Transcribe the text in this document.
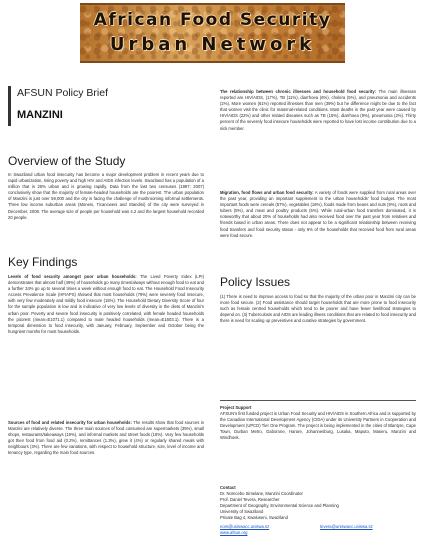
African Food Security
Urban Network
AFSUN Policy Brief
MANZINI
Overview of the Study

In Swaziland urban food insecurity has become a major development problem in recent years due to rapid urbanization, rising poverty and high HIV and AIDS infection levels. Swaziland has a population of a million that is 25% urban and is growing rapidly. Data from the last two censuses (1997; 2007) conclusively show that the majority of female-headed households are the poorest. The urban population of Manzini is just over 59,000 and the city is facing the challenge of mushrooming informal settlements. Three low income suburban areas (Moneni, Ticancweni and Standini) of the city were surveyed in December, 2008. The average size of people per household was 4.2 and the largest household recorded 20 people.

Key Findings

Levels of food security amongst poor urban households: The Lived Poverty Index (LPI) demonstrates that almost half (49%) of households go many times/always without enough food to eat and a further 34% go up to several times a week without enough food to eat. The Household Food Insecurity Access Prevalence Scale (HFIAPS) showed that most households (79%) were severely food insecure, with very few moderately and mildly food insecure (15%). The Household Dietary Diversity Score of four for the sample population is low and is indicative of very low levels of diversity in the diets of Manzini's urban poor. Poverty and severe food insecurity is positively correlated, with female headed households the poorest (mean=E1071.1) compared to male headed households (mean=E1603.1). There is a temporal dimension to food insecurity, with January, February, September and October being the hungriest months for most households.

Sources of food and related insecurity for urban households: The results show that food sources in Manzini are relatively diverse. The three main sources of food consumed are supermarkets (35%), small shops, restaurants/takeaways (19%), and informal markets and street foods (18%). Very few households got their food from food aid (0.2%), remittances (1.3%), grew it (4%) or regularly shared meals with neighbours (3%). There are few variations, with respect to household structure, size, level of income and tenancy type, regarding the main food sources.

The relationship between chronic illnesses and household food security: The main illnesses reported are HIV/AIDS, (17%), TB (11%), diarrhoea (6%), cholera (5%), and pneumonia and accidents (2%). More women (61%) reported illnesses than men (39%) but he difference might be due to the fact that women visit the clinic for maternal-related conditions. Most deaths in the past year were caused by HIV/AIDS (22%) and other related diseases such as TB (15%), diarrhoea (9%), pneumonia (2%). Thirty percent of the severely food insecure households were reported to have lost income contribution due to a sick member.

Migration, food flows and urban food security: A variety of foods were supplied from rural areas over the past year, providing an important supplement to the urban households' food budget. The most important foods were cereals (57%), vegetables (16%), foods made from beans and nuts (9%), roots and tubers (8%), and meat and poultry products (5%). While rural-urban food transfers dominated, it is noteworthy that about 20% of households had also received food over the past year from relatives and friends based in urban areas. There does not appear to be a significant relationship between receiving food transfers and food security status - only 6% of the households that received food from rural areas were food secure.

Policy Issues

(1) There is need to improve access to food so that the majority of the urban poor in Manzini city can be more food secure. (2) Food assistance should target households that are more prone to food insecurity such as female centred households which tend to be poorer and have fewer livelihood strategies to depend on. (3) Tuberculosis and AIDS are leading illness conditions that are related to food insecurity and there is need for scaling up preventives and curative strategies by government.

Project Support
AFSUN's first funded project is Urban Food Security and HIV/AIDS in Southern Africa and is supported by the Canadian International Development Agency (CIDA) under its University Partners in Cooperation and Development (UPCD) Tier One Program. The project is being implemented in the cities of Blantyre, Cape Town, Durban Metro, Gaborone, Harare, Johannesburg, Lusaka, Maputo, Maseru, Manzini and Windhoek.

Contact
Dr. Nomcebo Simelane, Manzini Coordinator
Prof. Daniel Tevera, Researcher
Department of Geography, Environmental Science and Planning
University of Swaziland
Private Bag 4, Kwaluseni, Swaziland

nom@uniswacc.uniswa.sz	tevera@uniswacc.uniswa.sz
www.afsun.org
